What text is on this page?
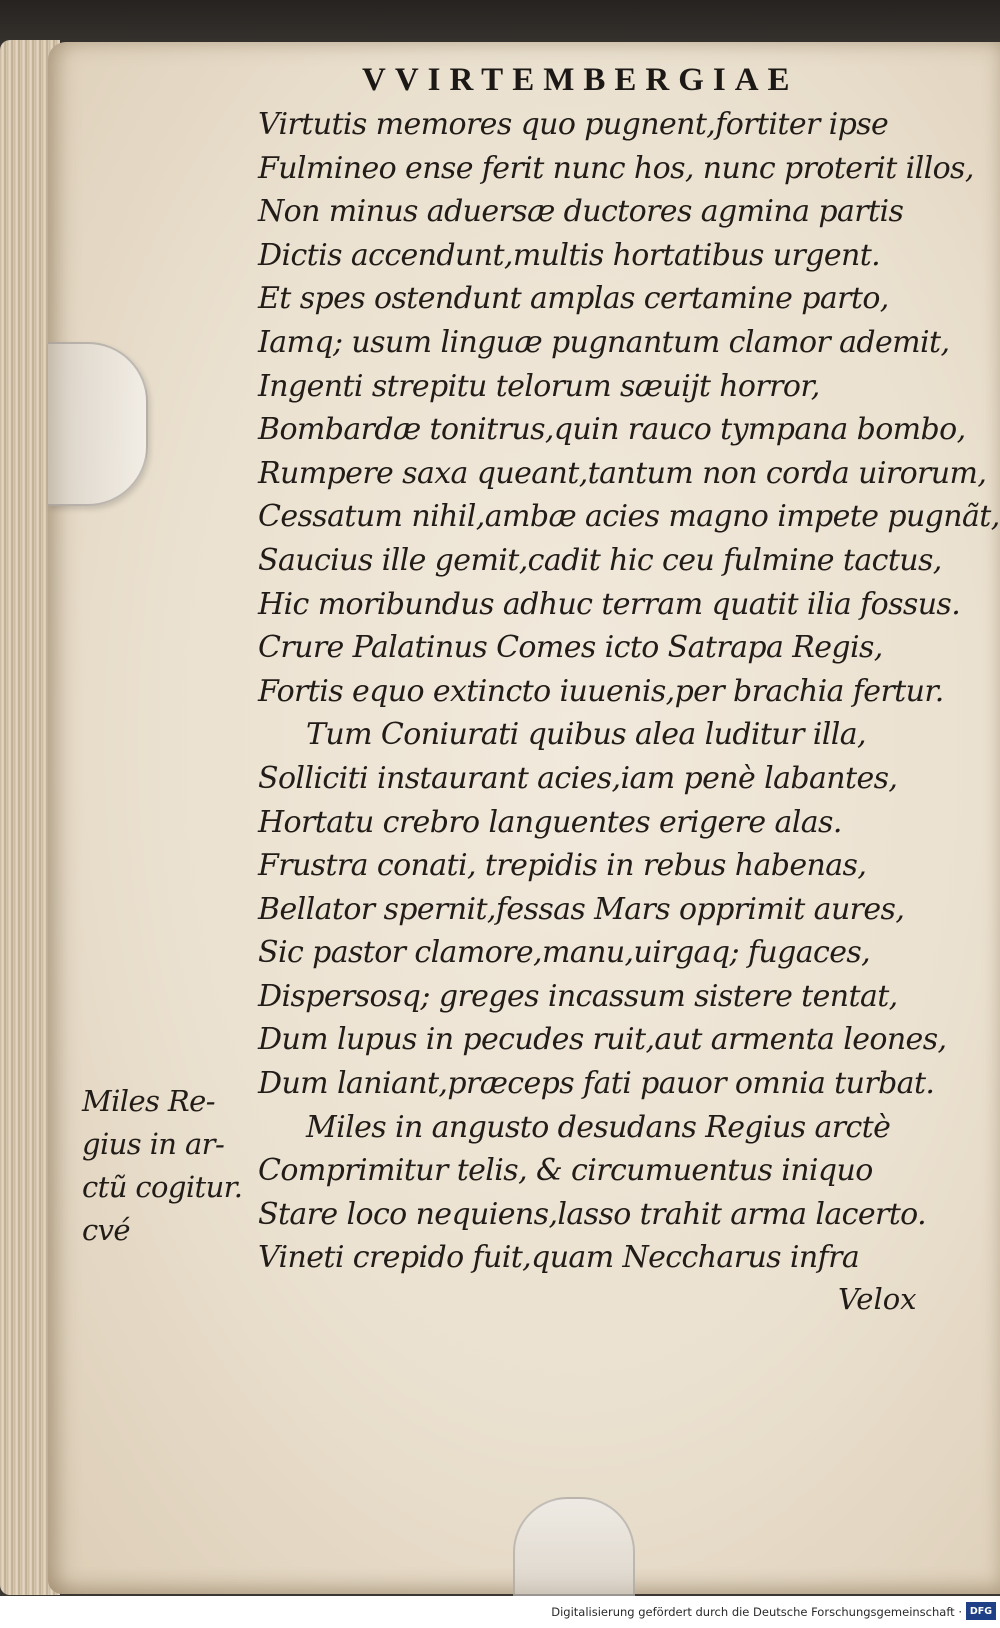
VVIRTEMBERGIAE
Virtutis memores quo pugnent,fortiter ipse
Fulmineo ense ferit nunc hos, nunc proterit illos,
Non minus aduersæ ductores agmina partis
Dictis accendunt,multis hortatibus urgent.
Et spes ostendunt amplas certamine parto,
Iamq; usum linguæ pugnantum clamor ademit,
Ingenti strepitu telorum sæuijt horror,
Bombardæ tonitrus,quin rauco tympana bombo,
Rumpere saxa queant,tantum non corda uirorum,
Cessatum nihil,ambæ acies magno impete pugnãt,
Saucius ille gemit,cadit hic ceu fulmine tactus,
Hic moribundus adhuc terram quatit ilia fossus.
Crure Palatinus Comes icto Satrapa Regis,
Fortis equo extincto iuuenis,per brachia fertur.
Tum Coniurati quibus alea luditur illa,
Solliciti instaurant acies,iam penè labantes,
Hortatu crebro languentes erigere alas.
Frustra conati, trepidis in rebus habenas,
Bellator spernit,fessas Mars opprimit aures,
Sic pastor clamore,manu,uirgaq; fugaces,
Dispersosq; greges incassum sistere tentat,
Dum lupus in pecudes ruit,aut armenta leones,
Dum laniant,præceps fati pauor omnia turbat.
Miles in angusto desudans Regius arctè
Comprimitur telis, & circumuentus iniquo
Stare loco nequiens,lasso trahit arma lacerto.
Vineti crepido fuit,quam Neccharus infra
Miles Re-
gius in ar-
ctũ cogitur.
cvé
Velox
Digitalisierung gefördert durch die Deutsche Forschungsgemeinschaft · DFG
